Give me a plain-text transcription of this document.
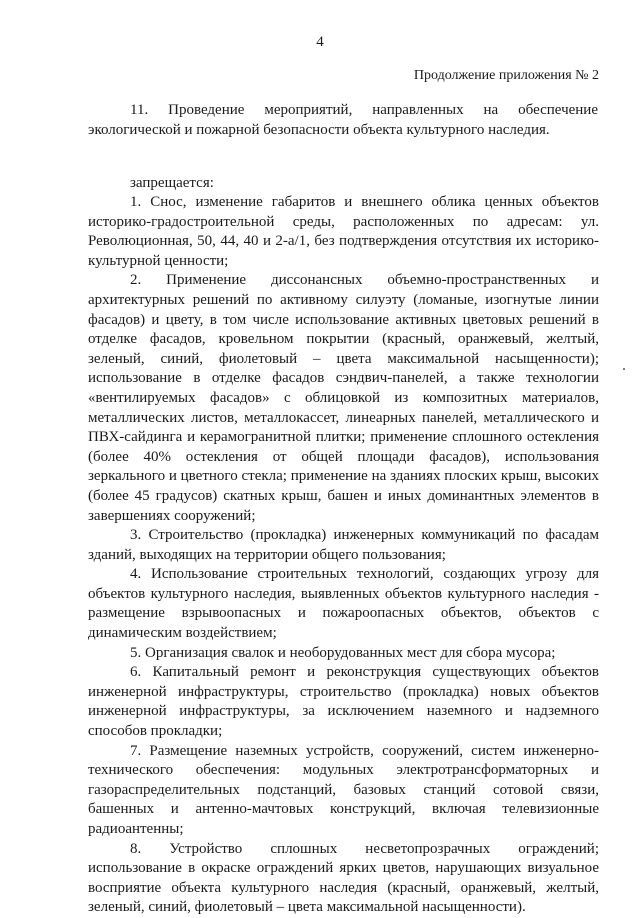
4
Продолжение приложения № 2
11. Проведение мероприятий, направленных на обеспечение экологической и пожарной безопасности объекта культурного наследия.
запрещается:

1. Снос, изменение габаритов и внешнего облика ценных объектов историко-градостроительной среды, расположенных по адресам: ул. Революционная, 50, 44, 40 и 2-а/1, без подтверждения отсутствия их историко-культурной ценности;

2. Применение диссонансных объемно-пространственных и архитектурных решений по активному силуэту (ломаные, изогнутые линии фасадов) и цвету, в том числе использование активных цветовых решений в отделке фасадов, кровельном покрытии (красный, оранжевый, желтый, зеленый, синий, фиолетовый – цвета максимальной насыщенности); использование в отделке фасадов сэндвич-панелей, а также технологии «вентилируемых фасадов» с облицовкой из композитных материалов, металлических листов, металлокассет, линеарных панелей, металлического и ПВХ-сайдинга и керамогранитной плитки; применение сплошного остекления (более 40% остекления от общей площади фасадов), использования зеркального и цветного стекла; применение на зданиях плоских крыш, высоких (более 45 градусов) скатных крыш, башен и иных доминантных элементов в завершениях сооружений;

3. Строительство (прокладка) инженерных коммуникаций по фасадам зданий, выходящих на территории общего пользования;

4. Использование строительных технологий, создающих угрозу для объектов культурного наследия, выявленных объектов культурного наследия - размещение взрывоопасных и пожароопасных объектов, объектов с динамическим воздействием;

5. Организация свалок и необорудованных мест для сбора мусора;

6. Капитальный ремонт и реконструкция существующих объектов инженерной инфраструктуры, строительство (прокладка) новых объектов инженерной инфраструктуры, за исключением наземного и надземного способов прокладки;

7. Размещение наземных устройств, сооружений, систем инженерно-технического обеспечения: модульных электротрансформаторных и газораспределительных подстанций, базовых станций сотовой связи, башенных и антенно-мачтовых конструкций, включая телевизионные радиоантенны;

8. Устройство сплошных несветопрозрачных ограждений; использование в окраске ограждений ярких цветов, нарушающих визуальное восприятие объекта культурного наследия (красный, оранжевый, желтый, зеленый, синий, фиолетовый – цвета максимальной насыщенности).
